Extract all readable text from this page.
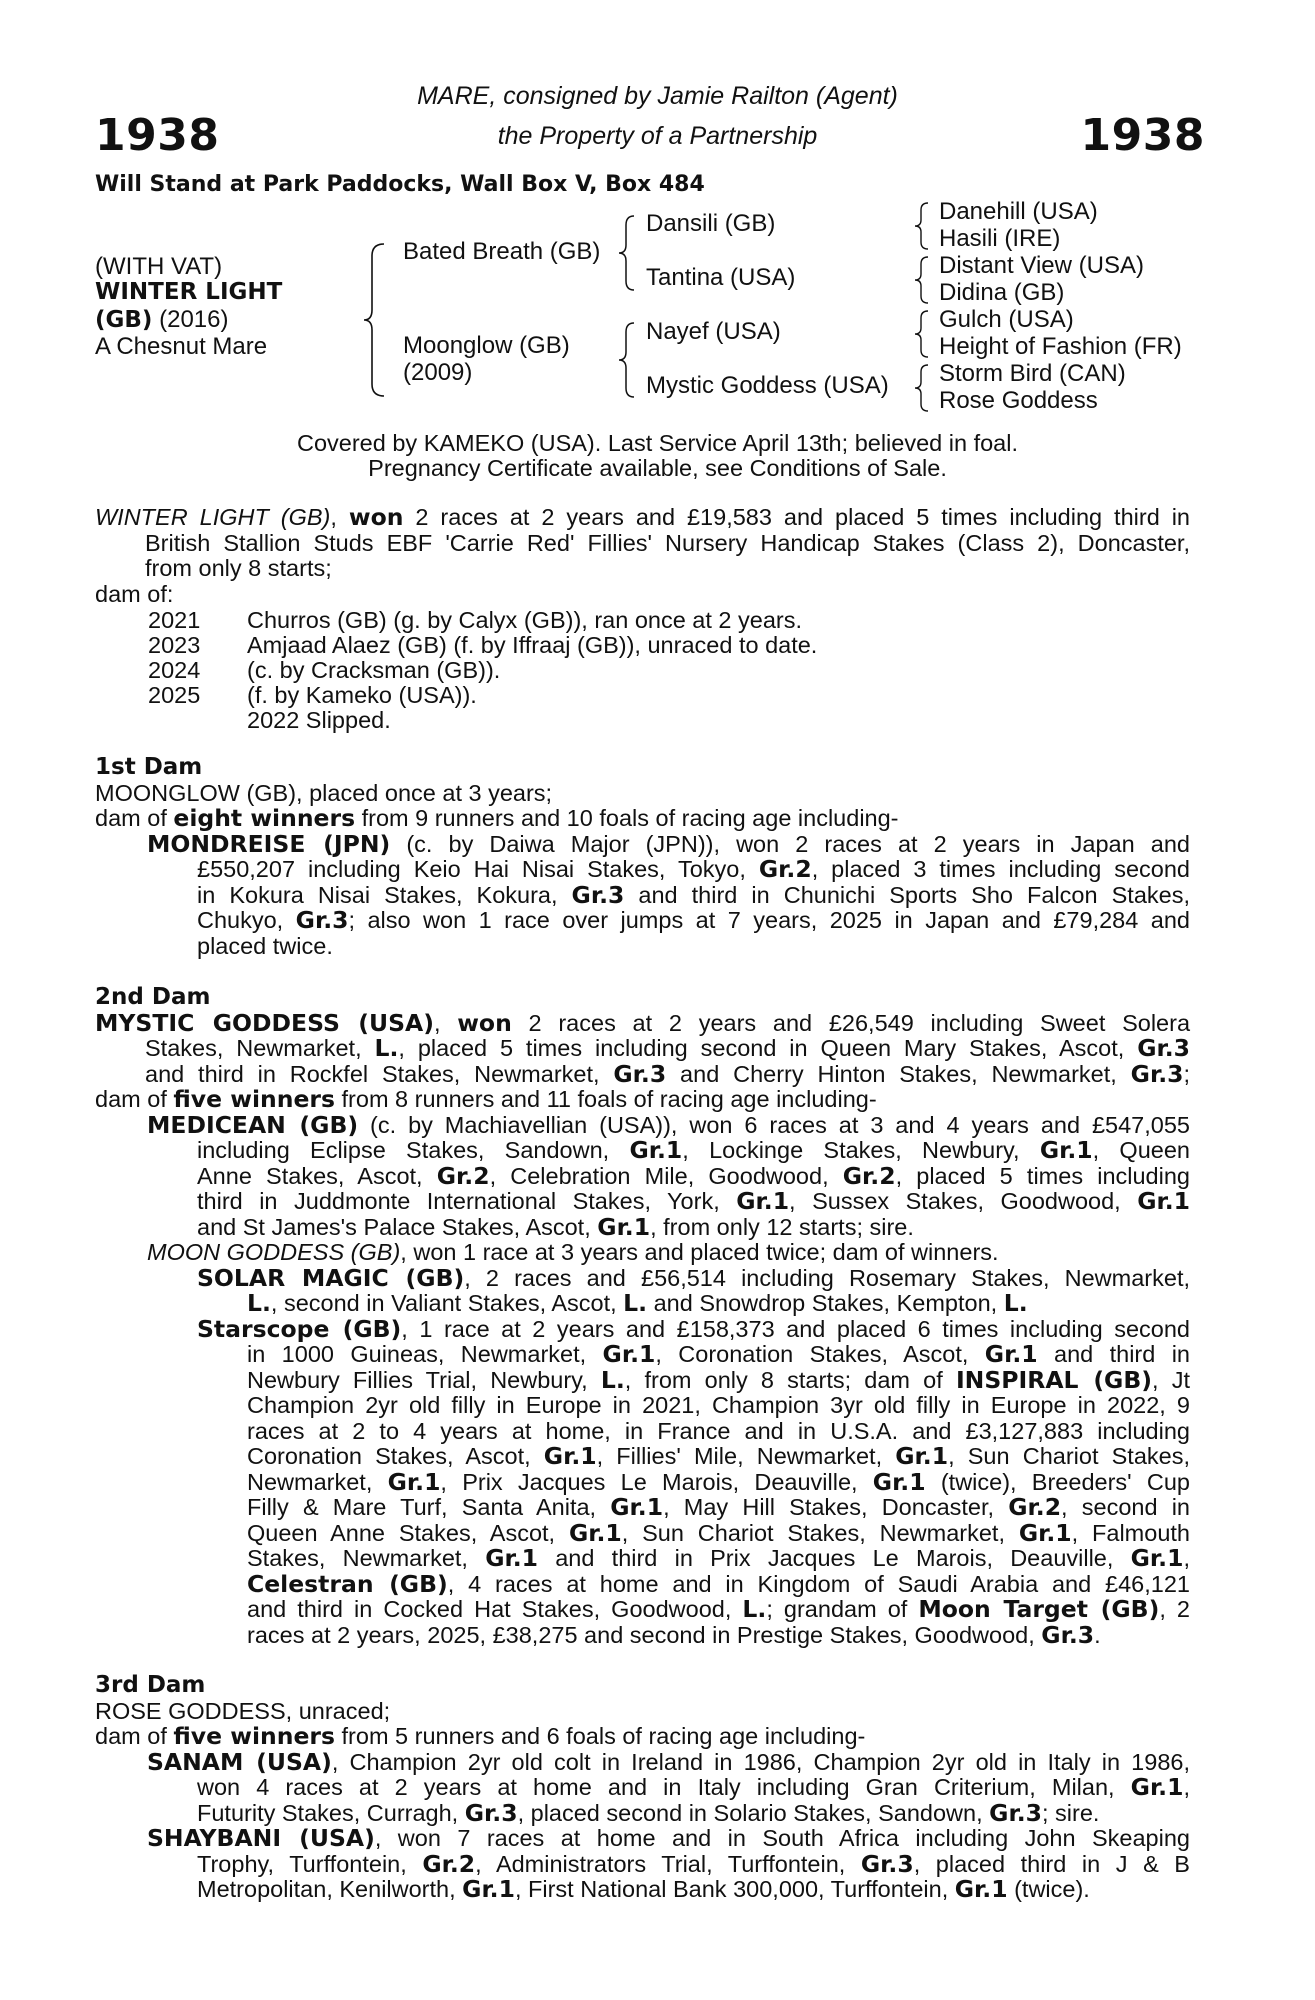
1938	1938
MARE, consigned by Jamie Railton (Agent)
the Property of a Partnership
Will Stand at Park Paddocks, Wall Box V, Box 484
(WITH VAT)
WINTER LIGHT
(GB) (2016)
A Chesnut Mare
Bated Breath (GB)
Moonglow (GB)
(2009)
Dansili (GB)
Tantina (USA)
Nayef (USA)
Mystic Goddess (USA)
Danehill (USA)
Hasili (IRE)
Distant View (USA)
Didina (GB)
Gulch (USA)
Height of Fashion (FR)
Storm Bird (CAN)
Rose Goddess
Covered by KAMEKO (USA). Last Service April 13th; believed in foal.
Pregnancy Certificate available, see Conditions of Sale.
WINTER LIGHT (GB), won 2 races at 2 years and £19,583 and placed 5 times including third in
British Stallion Studs EBF 'Carrie Red' Fillies' Nursery Handicap Stakes (Class 2), Doncaster,
from only 8 starts;
dam of:
2021 Churros (GB) (g. by Calyx (GB)), ran once at 2 years.
2023 Amjaad Alaez (GB) (f. by Iffraaj (GB)), unraced to date.
2024 (c. by Cracksman (GB)).
2025 (f. by Kameko (USA)).
2022 Slipped.
1st Dam
MOONGLOW (GB), placed once at 3 years;
dam of eight winners from 9 runners and 10 foals of racing age including-
MONDREISE (JPN) (c. by Daiwa Major (JPN)), won 2 races at 2 years in Japan and
£550,207 including Keio Hai Nisai Stakes, Tokyo, Gr.2, placed 3 times including second
in Kokura Nisai Stakes, Kokura, Gr.3 and third in Chunichi Sports Sho Falcon Stakes,
Chukyo, Gr.3; also won 1 race over jumps at 7 years, 2025 in Japan and £79,284 and
placed twice.
2nd Dam
MYSTIC GODDESS (USA), won 2 races at 2 years and £26,549 including Sweet Solera
Stakes, Newmarket, L., placed 5 times including second in Queen Mary Stakes, Ascot, Gr.3
and third in Rockfel Stakes, Newmarket, Gr.3 and Cherry Hinton Stakes, Newmarket, Gr.3;
dam of five winners from 8 runners and 11 foals of racing age including-
MEDICEAN (GB) (c. by Machiavellian (USA)), won 6 races at 3 and 4 years and £547,055
including Eclipse Stakes, Sandown, Gr.1, Lockinge Stakes, Newbury, Gr.1, Queen
Anne Stakes, Ascot, Gr.2, Celebration Mile, Goodwood, Gr.2, placed 5 times including
third in Juddmonte International Stakes, York, Gr.1, Sussex Stakes, Goodwood, Gr.1
and St James's Palace Stakes, Ascot, Gr.1, from only 12 starts; sire.
MOON GODDESS (GB), won 1 race at 3 years and placed twice; dam of winners.
SOLAR MAGIC (GB), 2 races and £56,514 including Rosemary Stakes, Newmarket,
L., second in Valiant Stakes, Ascot, L. and Snowdrop Stakes, Kempton, L.
Starscope (GB), 1 race at 2 years and £158,373 and placed 6 times including second
in 1000 Guineas, Newmarket, Gr.1, Coronation Stakes, Ascot, Gr.1 and third in
Newbury Fillies Trial, Newbury, L., from only 8 starts; dam of INSPIRAL (GB), Jt
Champion 2yr old filly in Europe in 2021, Champion 3yr old filly in Europe in 2022, 9
races at 2 to 4 years at home, in France and in U.S.A. and £3,127,883 including
Coronation Stakes, Ascot, Gr.1, Fillies' Mile, Newmarket, Gr.1, Sun Chariot Stakes,
Newmarket, Gr.1, Prix Jacques Le Marois, Deauville, Gr.1 (twice), Breeders' Cup
Filly & Mare Turf, Santa Anita, Gr.1, May Hill Stakes, Doncaster, Gr.2, second in
Queen Anne Stakes, Ascot, Gr.1, Sun Chariot Stakes, Newmarket, Gr.1, Falmouth
Stakes, Newmarket, Gr.1 and third in Prix Jacques Le Marois, Deauville, Gr.1,
Celestran (GB), 4 races at home and in Kingdom of Saudi Arabia and £46,121
and third in Cocked Hat Stakes, Goodwood, L.; grandam of Moon Target (GB), 2
races at 2 years, 2025, £38,275 and second in Prestige Stakes, Goodwood, Gr.3.
3rd Dam
ROSE GODDESS, unraced;
dam of five winners from 5 runners and 6 foals of racing age including-
SANAM (USA), Champion 2yr old colt in Ireland in 1986, Champion 2yr old in Italy in 1986,
won 4 races at 2 years at home and in Italy including Gran Criterium, Milan, Gr.1,
Futurity Stakes, Curragh, Gr.3, placed second in Solario Stakes, Sandown, Gr.3; sire.
SHAYBANI (USA), won 7 races at home and in South Africa including John Skeaping
Trophy, Turffontein, Gr.2, Administrators Trial, Turffontein, Gr.3, placed third in J & B
Metropolitan, Kenilworth, Gr.1, First National Bank 300,000, Turffontein, Gr.1 (twice).
